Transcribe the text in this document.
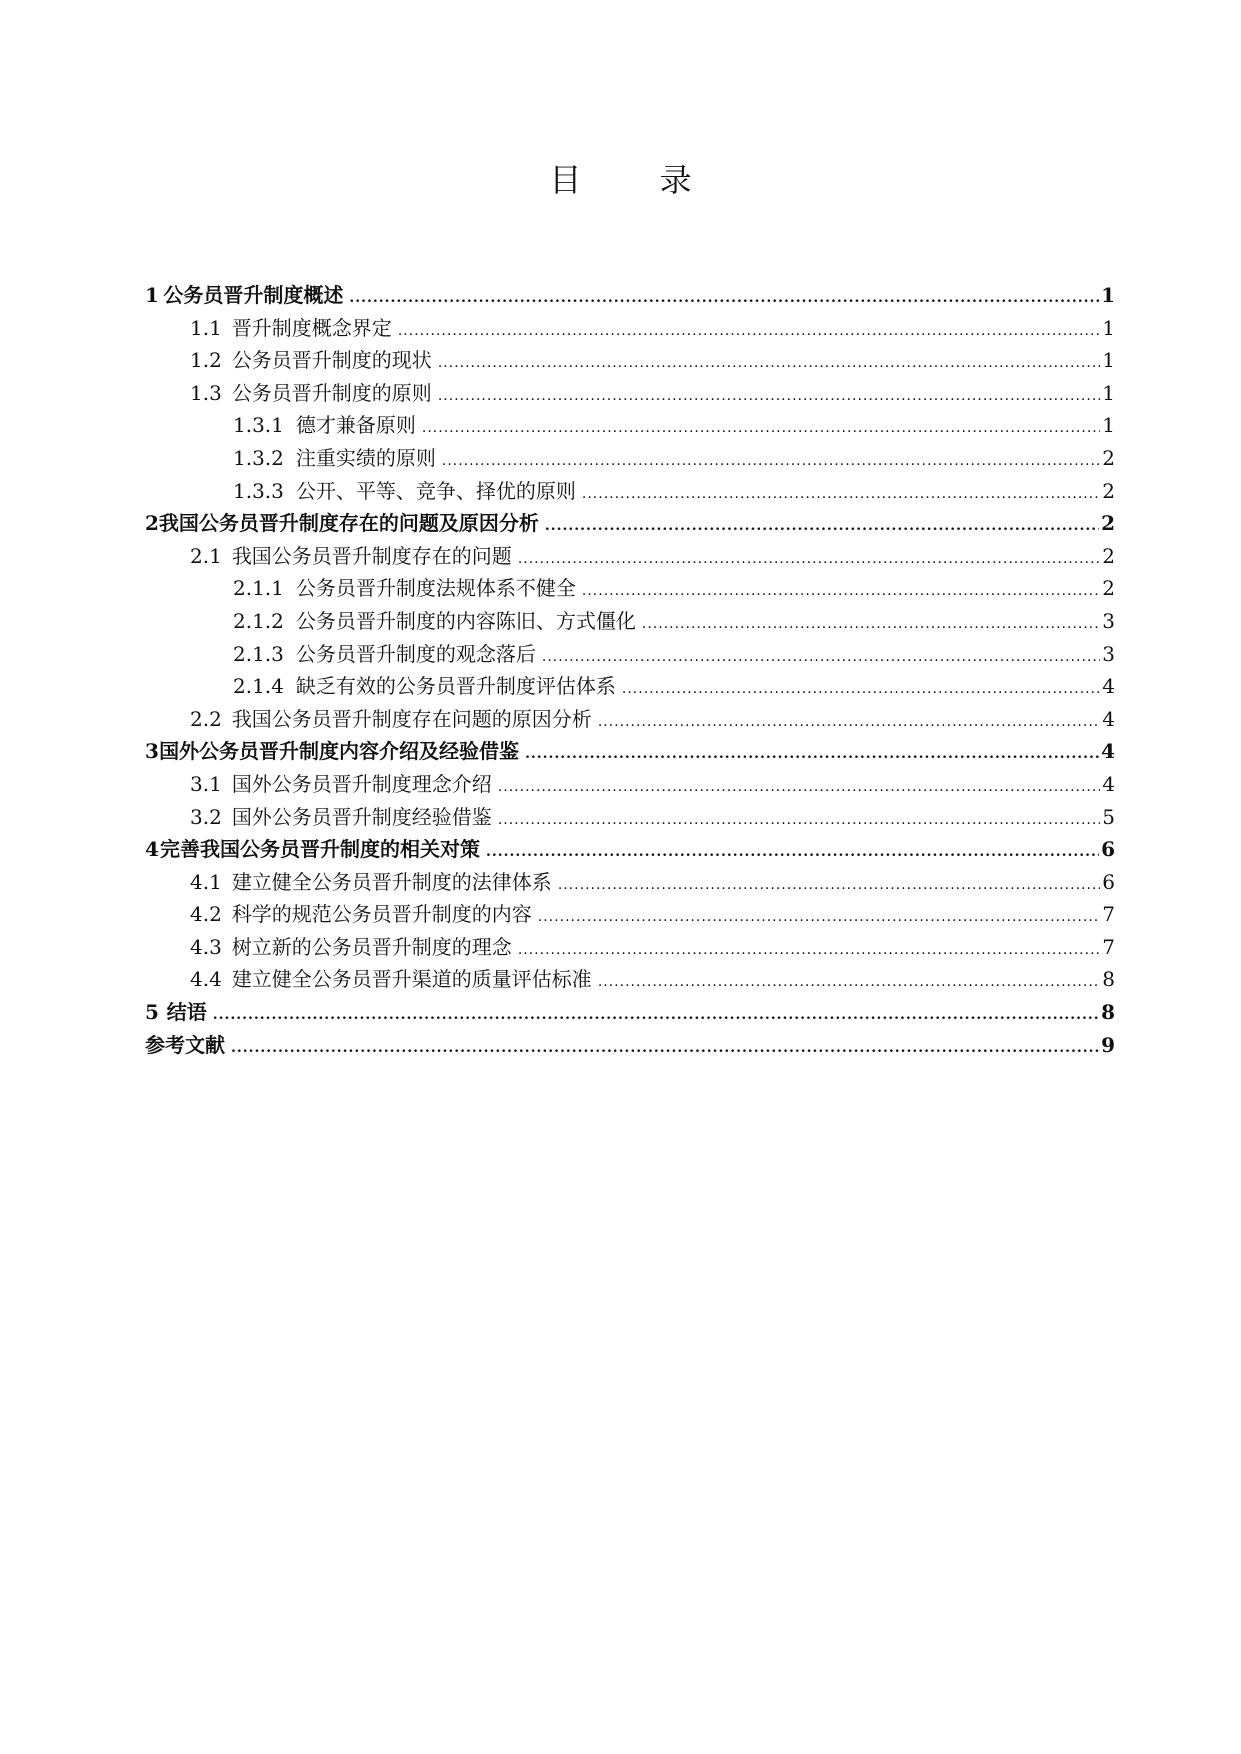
目 录
1 公务员晋升制度概述 .....	1
1.1 晋升制度概念界定 .....	1
1.2 公务员晋升制度的现状 .....	1
1.3 公务员晋升制度的原则 .....	1
1.3.1 德才兼备原则 .....	1
1.3.2 注重实绩的原则 .....	2
1.3.3 公开、平等、竞争、择优的原则 .....	2
2 我国公务员晋升制度存在的问题及原因分析 .....	2
2.1 我国公务员晋升制度存在的问题 .....	2
2.1.1 公务员晋升制度法规体系不健全 .....	2
2.1.2 公务员晋升制度的内容陈旧、方式僵化 .....	3
2.1.3 公务员晋升制度的观念落后 .....	3
2.1.4 缺乏有效的公务员晋升制度评估体系 .....	4
2.2 我国公务员晋升制度存在问题的原因分析 .....	4
3 国外公务员晋升制度内容介绍及经验借鉴 .....	4
3.1 国外公务员晋升制度理念介绍 .....	4
3.2 国外公务员晋升制度经验借鉴 .....	5
4 完善我国公务员晋升制度的相关对策 .....	6
4.1 建立健全公务员晋升制度的法律体系 .....	6
4.2 科学的规范公务员晋升制度的内容 .....	7
4.3 树立新的公务员晋升制度的理念 .....	7
4.4 建立健全公务员晋升渠道的质量评估标准 .....	8
5 结语 .....	8
参考文献 .....	9
